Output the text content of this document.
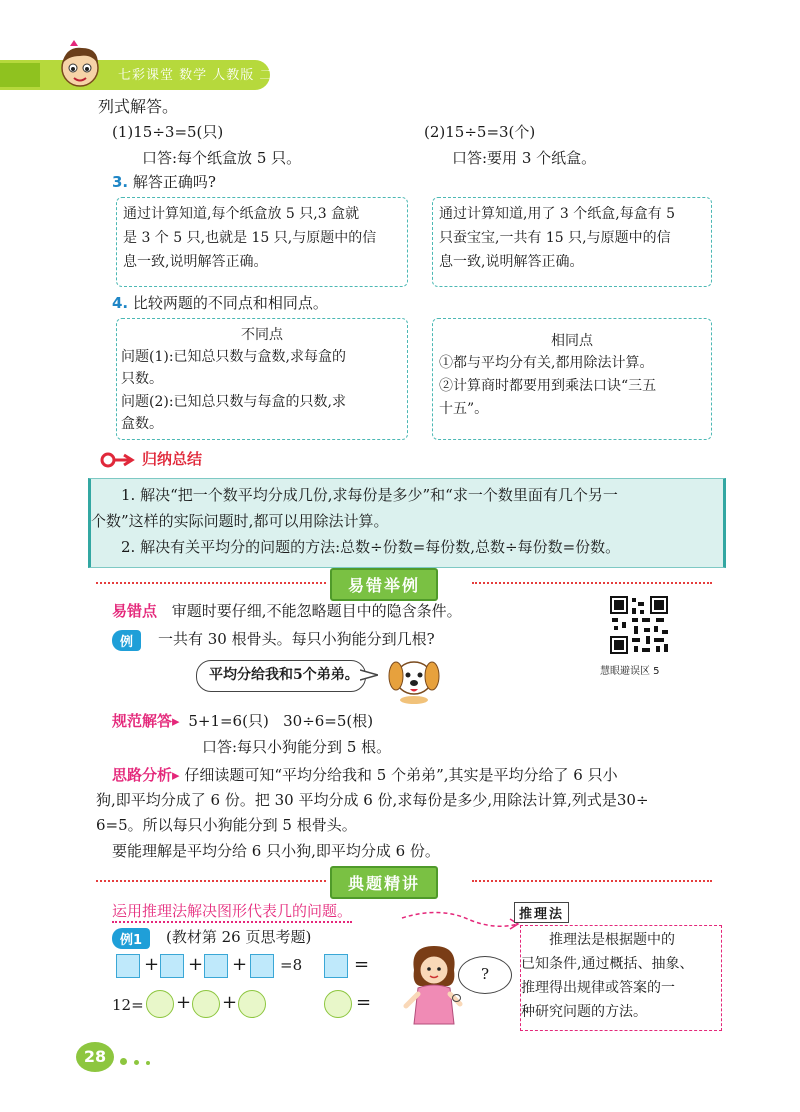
七彩课堂 数学 人教版 二年级 下册
列式解答。
(1)15÷3=5(只)
口答:每个纸盒放 5 只。
(2)15÷5=3(个)
口答:要用 3 个纸盒。
3. 解答正确吗?
通过计算知道,每个纸盒放 5 只,3 盒就
是 3 个 5 只,也就是 15 只,与原题中的信
息一致,说明解答正确。
通过计算知道,用了 3 个纸盒,每盒有 5
只蚕宝宝,一共有 15 只,与原题中的信
息一致,说明解答正确。
4. 比较两题的不同点和相同点。
不同点
问题(1):已知总只数与盒数,求每盒的
只数。
问题(2):已知总只数与每盒的只数,求
盒数。
相同点
①都与平均分有关,都用除法计算。
②计算商时都要用到乘法口诀“三五
十五”。
归纳总结
1. 解决“把一个数平均分成几份,求每份是多少”和“求一个数里面有几个另一
个数”这样的实际问题时,都可以用除法计算。
2. 解决有关平均分的问题的方法:总数÷份数=每份数,总数÷每份数=份数。
易错举例
易错点 审题时要仔细,不能忽略题目中的隐含条件。
例	一共有 30 根骨头。每只小狗能分到几根?
慧眼避误区 5
平均分给我和5个弟弟。
规范解答▸ 5+1=6(只)   30÷6=5(根)
口答:每只小狗能分到 5 根。
思路分析▸ 仔细读题可知“平均分给我和 5 个弟弟”,其实是平均分给了 6 只小
狗,即平均分成了 6 份。把 30 平均分成 6 份,求每份是多少,用除法计算,列式是30÷
6=5。所以每只小狗能分到 5 根骨头。
要能理解是平均分给 6 只小狗,即平均分成 6 份。
典题精讲
运用推理法解决图形代表几的问题。
例1	(教材第 26 页思考题)
+ + + =8	=
12= + +	=
?
推理法
推理法是根据题中的
已知条件,通过概括、抽象、
推理得出规律或答案的一
种研究问题的方法。
28
